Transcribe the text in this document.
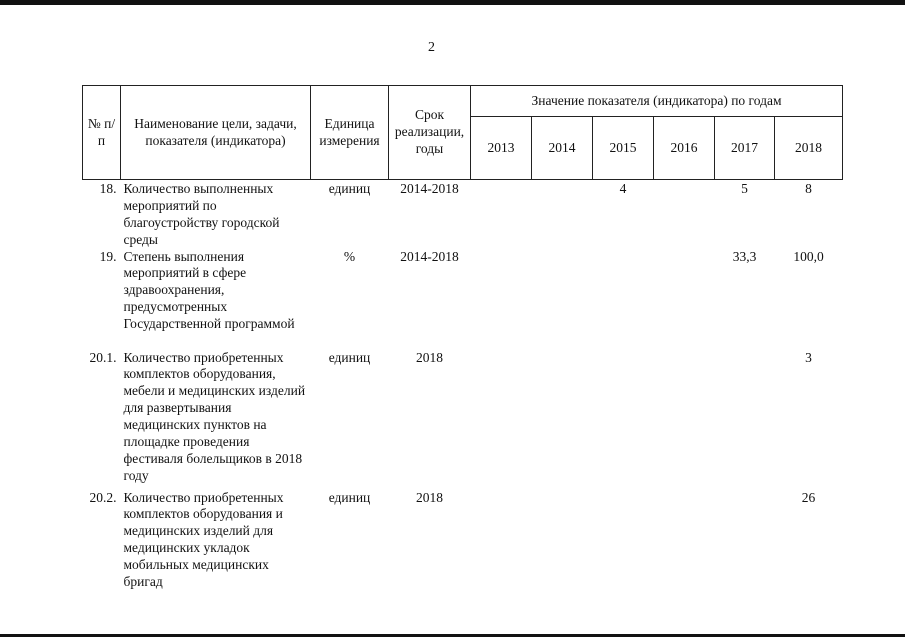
2
№ п/п	Наименование цели, задачи, показателя (индикатора)	Единица измерения	Срок реализации, годы	Значение показателя (индикатора) по годам					
				2013	2014	2015	2016	2017	2018
18.	Количество выполненных мероприятий по благоустройству городской среды	единиц	2014-2018			4		5	8
19.	Степень выполнения мероприятий в сфере здравоохранения, предусмотренных Государственной программой	%	2014-2018					33,3	100,0
20.1.	Количество приобретенных комплектов оборудования, мебели и медицинских изделий для развертывания медицинских пунктов на площадке проведения фестиваля болельщиков в 2018 году	единиц	2018						3
20.2.	Количество приобретенных комплектов оборудования и медицинских изделий для медицинских укладок мобильных медицинских бригад	единиц	2018						26
